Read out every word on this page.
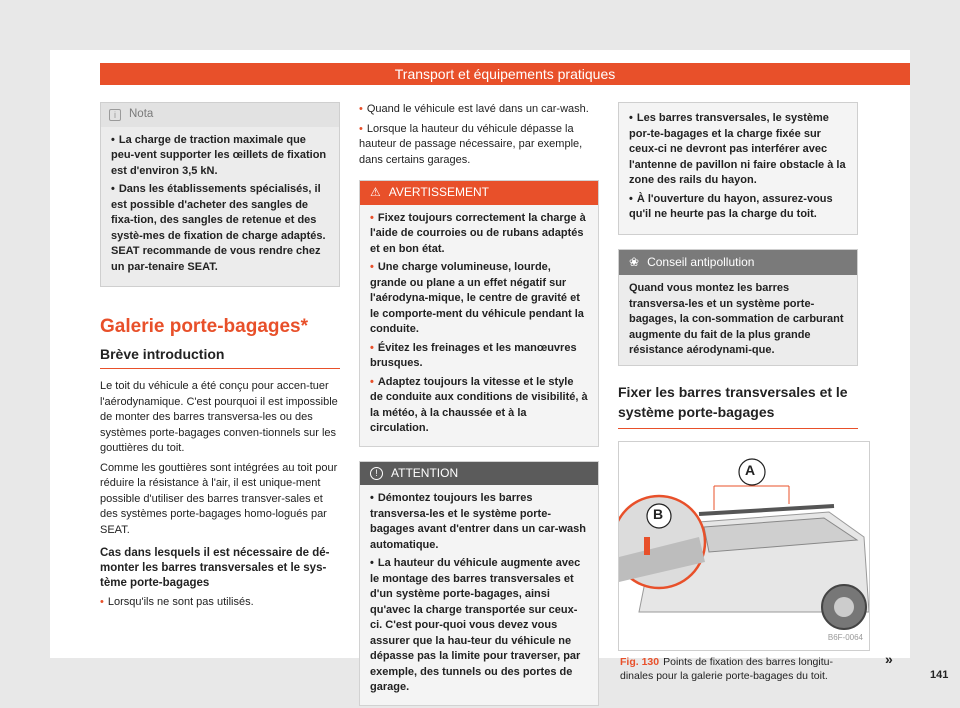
Transport et équipements pratiques
i	Nota

• La charge de traction maximale que peu-vent supporter les œillets de fixation est d'environ 3,5 kN.

• Dans les établissements spécialisés, il est possible d'acheter des sangles de fixa-tion, des sangles de retenue et des systè-mes de fixation de charge adaptés. SEAT recommande de vous rendre chez un par-tenaire SEAT.

Galerie porte-bagages*
Brève introduction

Le toit du véhicule a été conçu pour accen-tuer l'aérodynamique. C'est pourquoi il est impossible de monter des barres transversa-les ou des systèmes porte-bagages conven-tionnels sur les gouttières du toit.

Comme les gouttières sont intégrées au toit pour réduire la résistance à l'air, il est unique-ment possible d'utiliser des barres transver-sales et des systèmes porte-bagages homo-logués par SEAT.

Cas dans lesquels il est nécessaire de dé-monter les barres transversales et le sys-tème porte-bagages

• Lorsqu'ils ne sont pas utilisés.

• Quand le véhicule est lavé dans un car-wash.

• Lorsque la hauteur du véhicule dépasse la hauteur de passage nécessaire, par exemple, dans certains garages.

⚠ AVERTISSEMENT

• Fixez toujours correctement la charge à l'aide de courroies ou de rubans adaptés et en bon état.

• Une charge volumineuse, lourde, grande ou plane a un effet négatif sur l'aérodyna-mique, le centre de gravité et le comporte-ment du véhicule pendant la conduite.

• Évitez les freinages et les manœuvres brusques.

• Adaptez toujours la vitesse et le style de conduite aux conditions de visibilité, à la météo, à la chaussée et à la circulation.

!	ATTENTION

• Démontez toujours les barres transversa-les et le système porte-bagages avant d'entrer dans un car-wash automatique.

• La hauteur du véhicule augmente avec le montage des barres transversales et d'un système porte-bagages, ainsi qu'avec la charge transportée sur ceux-ci. C'est pour-quoi vous devez vous assurer que la hau-teur du véhicule ne dépasse pas la limite pour traverser, par exemple, des tunnels ou des portes de garage.

• Les barres transversales, le système por-te-bagages et la charge fixée sur ceux-ci ne devront pas interférer avec l'antenne de pavillon ni faire obstacle à la zone des rails du hayon.

• À l'ouverture du hayon, assurez-vous qu'il ne heurte pas la charge du toit.

❀ Conseil antipollution

Quand vous montez les barres transversa-les et un système porte-bagages, la con-sommation de carburant augmente du fait de la plus grande résistance aérodynami-que.

Fixer les barres transversales et le système porte-bagages
A
B
B6F-0064
Fig. 130 Points de fixation des barres longitu-dinales pour la galerie porte-bagages du toit.
»
141
